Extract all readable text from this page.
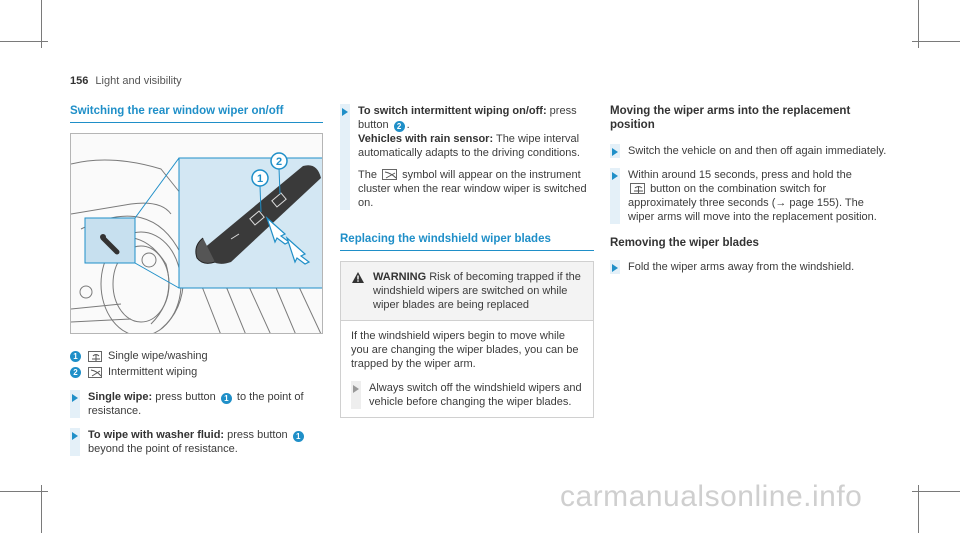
156 Light and visibility
Switching the rear window wiper on/off
1
2
1	Single wipe/washing
2	Intermittent wiping
Single wipe: press button 1 to the point of resistance.
To wipe with washer fluid: press button 1 beyond the point of resistance.
To switch intermittent wiping on/off: press button 2 .
Vehicles with rain sensor: The wipe interval automatically adapts to the driving conditions.
The symbol will appear on the instrument cluster when the rear window wiper is switched on.
Replacing the windshield wiper blades
WARNING Risk of becoming trapped if the windshield wipers are switched on while wiper blades are being replaced
If the windshield wipers begin to move while you are changing the wiper blades, you can be trapped by the wiper arm.
Always switch off the windshield wipers and vehicle before changing the wiper blades.
Moving the wiper arms into the replacement position
Switch the vehicle on and then off again immediately.
Within around 15 seconds, press and hold the

button on the combination switch for approximately three seconds (→ page 155). The wiper arms will move into the replacement position.
Removing the wiper blades
Fold the wiper arms away from the windshield.
carmanualsonline.info
